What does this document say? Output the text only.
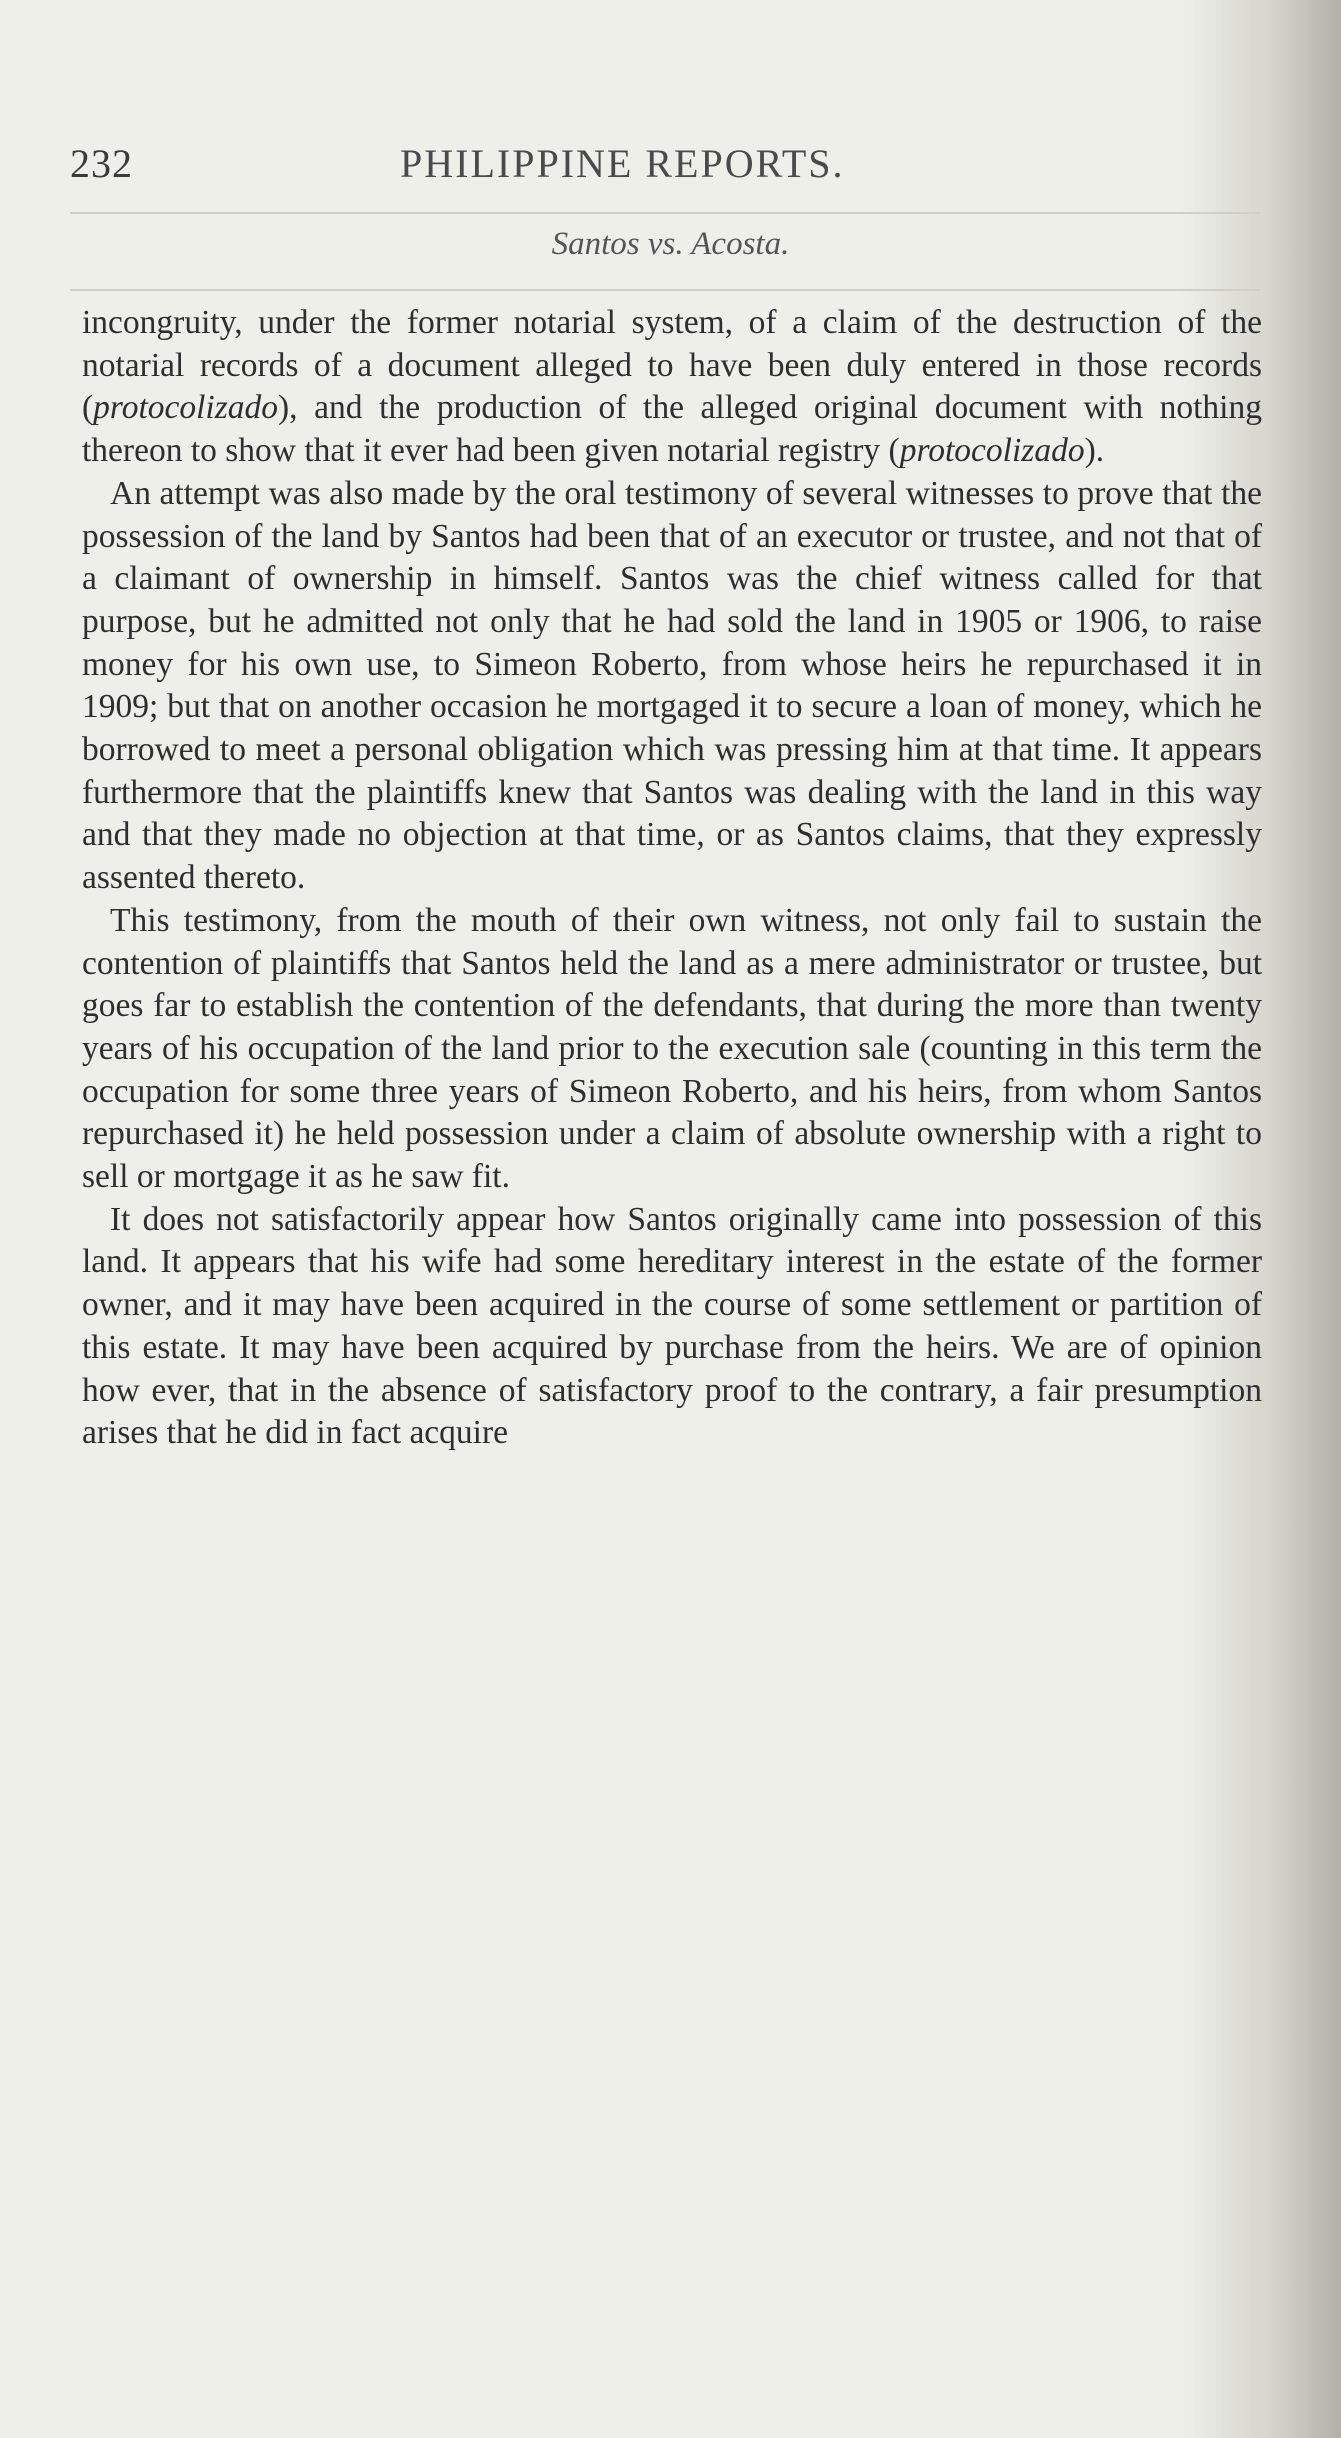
232	PHILIPPINE REPORTS.
Santos vs. Acosta.

incongruity, under the former notarial system, of a claim of the destruction of the notarial records of a document alleged to have been duly entered in those records (protocolizado), and the production of the alleged original document with nothing thereon to show that it ever had been given notarial registry (protocolizado).

An attempt was also made by the oral testimony of several witnesses to prove that the possession of the land by Santos had been that of an executor or trustee, and not that of a claimant of ownership in himself. Santos was the chief witness called for that purpose, but he admitted not only that he had sold the land in 1905 or 1906, to raise money for his own use, to Simeon Roberto, from whose heirs he repurchased it in 1909; but that on another occasion he mortgaged it to secure a loan of money, which he borrowed to meet a personal obligation which was pressing him at that time. It appears furthermore that the plaintiffs knew that Santos was dealing with the land in this way and that they made no objection at that time, or as Santos claims, that they expressly assented thereto.

This testimony, from the mouth of their own witness, not only fail to sustain the contention of plaintiffs that Santos held the land as a mere administrator or trustee, but goes far to establish the contention of the defendants, that during the more than twenty years of his occupation of the land prior to the execution sale (counting in this term the occupation for some three years of Simeon Roberto, and his heirs, from whom Santos repurchased it) he held possession under a claim of absolute ownership with a right to sell or mortgage it as he saw fit.

It does not satisfactorily appear how Santos originally came into possession of this land. It appears that his wife had some hereditary interest in the estate of the former owner, and it may have been acquired in the course of some settlement or partition of this estate. It may have been acquired by purchase from the heirs. We are of opinion how ever, that in the absence of satisfactory proof to the contrary, a fair presumption arises that he did in fact acquire
